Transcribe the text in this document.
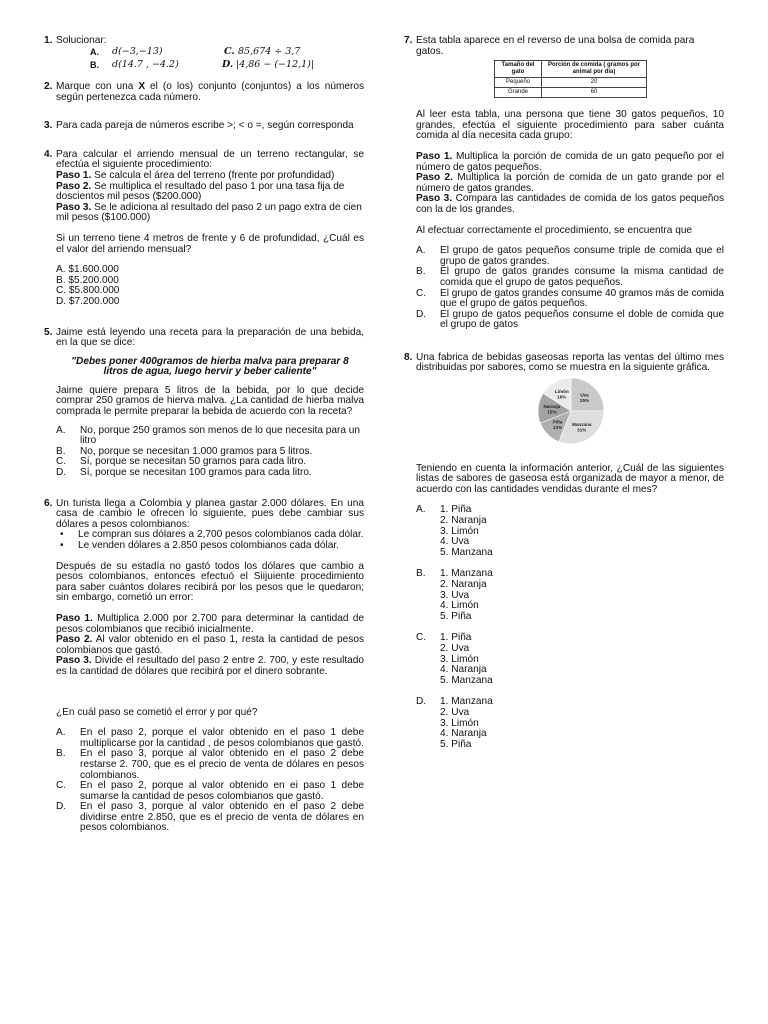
1. Solucionar:
A. d(−3,−13)	C. 85,674 ÷ 3,7
B. d(14.7 , −4.2)	D. |4,86 − (−12,1)|
2. Marque con una X el (o los) conjunto (conjuntos) a los números según pertenezca cada número.
3. Para cada pareja de números escribe >; < o =, según corresponda
4. Para calcular el arriendo mensual de un terreno rectangular, se efectúa el siguiente procedimiento:
Paso 1. Se calcula el área del terreno (frente por profundidad)
Paso 2. Se multiplica el resultado del paso 1 por una tasa fija de doscientos mil pesos ($200.000)
Paso 3. Se le adiciona al resultado del paso 2 un pago extra de cien mil pesos ($100.000)
Si un terreno tiene 4 metros de frente y 6 de profundidad, ¿Cuál es el valor del arriendo mensual?
A. $1.600.000
B. $5.200.000
C. $5.800.000
D. $7.200.000
5. Jaime está leyendo una receta para la preparación de una bebida, en la que se dice:
"Debes poner 400gramos de hierba malva para preparar 8 litros de agua, luego hervir y beber caliente"
Jaime quiere prepara 5 litros de la bebida, por lo que decide comprar 250 gramos de hierva malva. ¿La cantidad de hierba malva comprada le permite preparar la bebida de acuerdo con la receta?
A. No, porque 250 gramos son menos de lo que necesita para un litro
B. No, porque se necesitan 1.000 gramos para 5 litros.
C. Sí, porque se necesitan 50 gramos para cada litro.
D. Sí, porque se necesitan 100 gramos para cada litro.
6. Un turista llega a Colombia y planea gastar 2.000 dólares. En una casa de cambio le ofrecen lo siguiente, pues debe cambiar sus dólares a pesos colombianos:
• Le compran sus dólares a 2,700 pesos colombianos cada dólar.
• Le venden dólares a 2.850 pesos colombianos cada dólar.
Después de su estadía no gastó todos los dólares que cambio a pesos colombianos, entonces efectuó el Siijuiente procedimiento para saber cuántos dolares recibirá por los pesos que le quedaron; sin embargo, cometió un error:
Paso 1. Multiplica 2.000 por 2.700 para determinar la cantidad de pesos colombianos que recibió inicialmente.
Paso 2. Al valor obtenido en el paso 1, resta la cantidad de pesos colombianos que gastó.
Paso 3. Divide el resultado del paso 2 entre 2. 700, y este resultado es la cantidad de dólares que recibirá por el dinero sobrante.
¿En cuál paso se cometió el error y por qué?
A. En el paso 2, porque el valor obtenido en el paso 1 debe multiplicarse por la cantidad , de pesos colombianos que gastó.
B. En el paso 3, porque al valor obtenido en el paso 2 debe restarse 2. 700, que es el precio de venta de dólares en pesos colombianos.
C. En el paso 2, porque al valor obtenido en ei paso 1 debe sumarse la cantidad de pesos colombianos que gastó.
D. En el paso 3, porque al valor obtenido en el paso 2 debe dividirse entre 2.850, que es el precio de venta de dólares en pesos colombianos.
7. Esta tabla aparece en el reverso de una bolsa de comida para gatos.
Tamaño del gato	Porción de comida ( gramos por animal por día)
Pequeño	20
Grande	60
Al leer esta tabla, una persona que tiene 30 gatos pequeños, 10 grandes, efectúa el siguiente procedimiento para saber cuánta comida al día necesita cada grupo:
Paso 1. Multiplica la porción de comida de un gato pequeño por el número de gatos pequeños.
Paso 2. Multiplica la porción de comida de un gato grande por el número de gatos grandes.
Paso 3. Compara las cantidades de comida de los gatos pequeños con la de los grandes.
Al efectuar correctamente el procedimiento, se encuentra que
A. El grupo de gatos pequeños consume triple de comida que el grupo de gatos grandes.
B. El grupo de gatos grandes consume la misma cantidad de comida que el grupo de gatos pequeños.
C. El grupo de gatos grandes consume 40 gramos más de comida que el grupo de gatos pequeños.
D. El grupo de gatos pequeños consume el doble de comida que el grupo de gatos
8. Una fabrica de bebidas gaseosas reporta las ventas del último mes distribuidas por sabores, como se muestra en la siguiente gráfica.
Uva
25%
Manzana
31%
Piña
13%
Naranja
15%
Limón
16%
Teniendo en cuenta la información anterior, ¿Cuál de las siguientes listas de sabores de gaseosa está organizada de mayor a menor, de acuerdo con las cantidades vendidas durante el mes?
A. 1. Piña
2. Naranja
3. Limón
4. Uva
5. Manzana
B. 1. Manzana
2. Naranja
3. Uva
4. Limón
5. Piña
C. 1. Piña
2. Uva
3. Limón
4. Naranja
5. Manzana
D. 1. Manzana
2. Uva
3. Limón
4. Naranja
5. Piña
